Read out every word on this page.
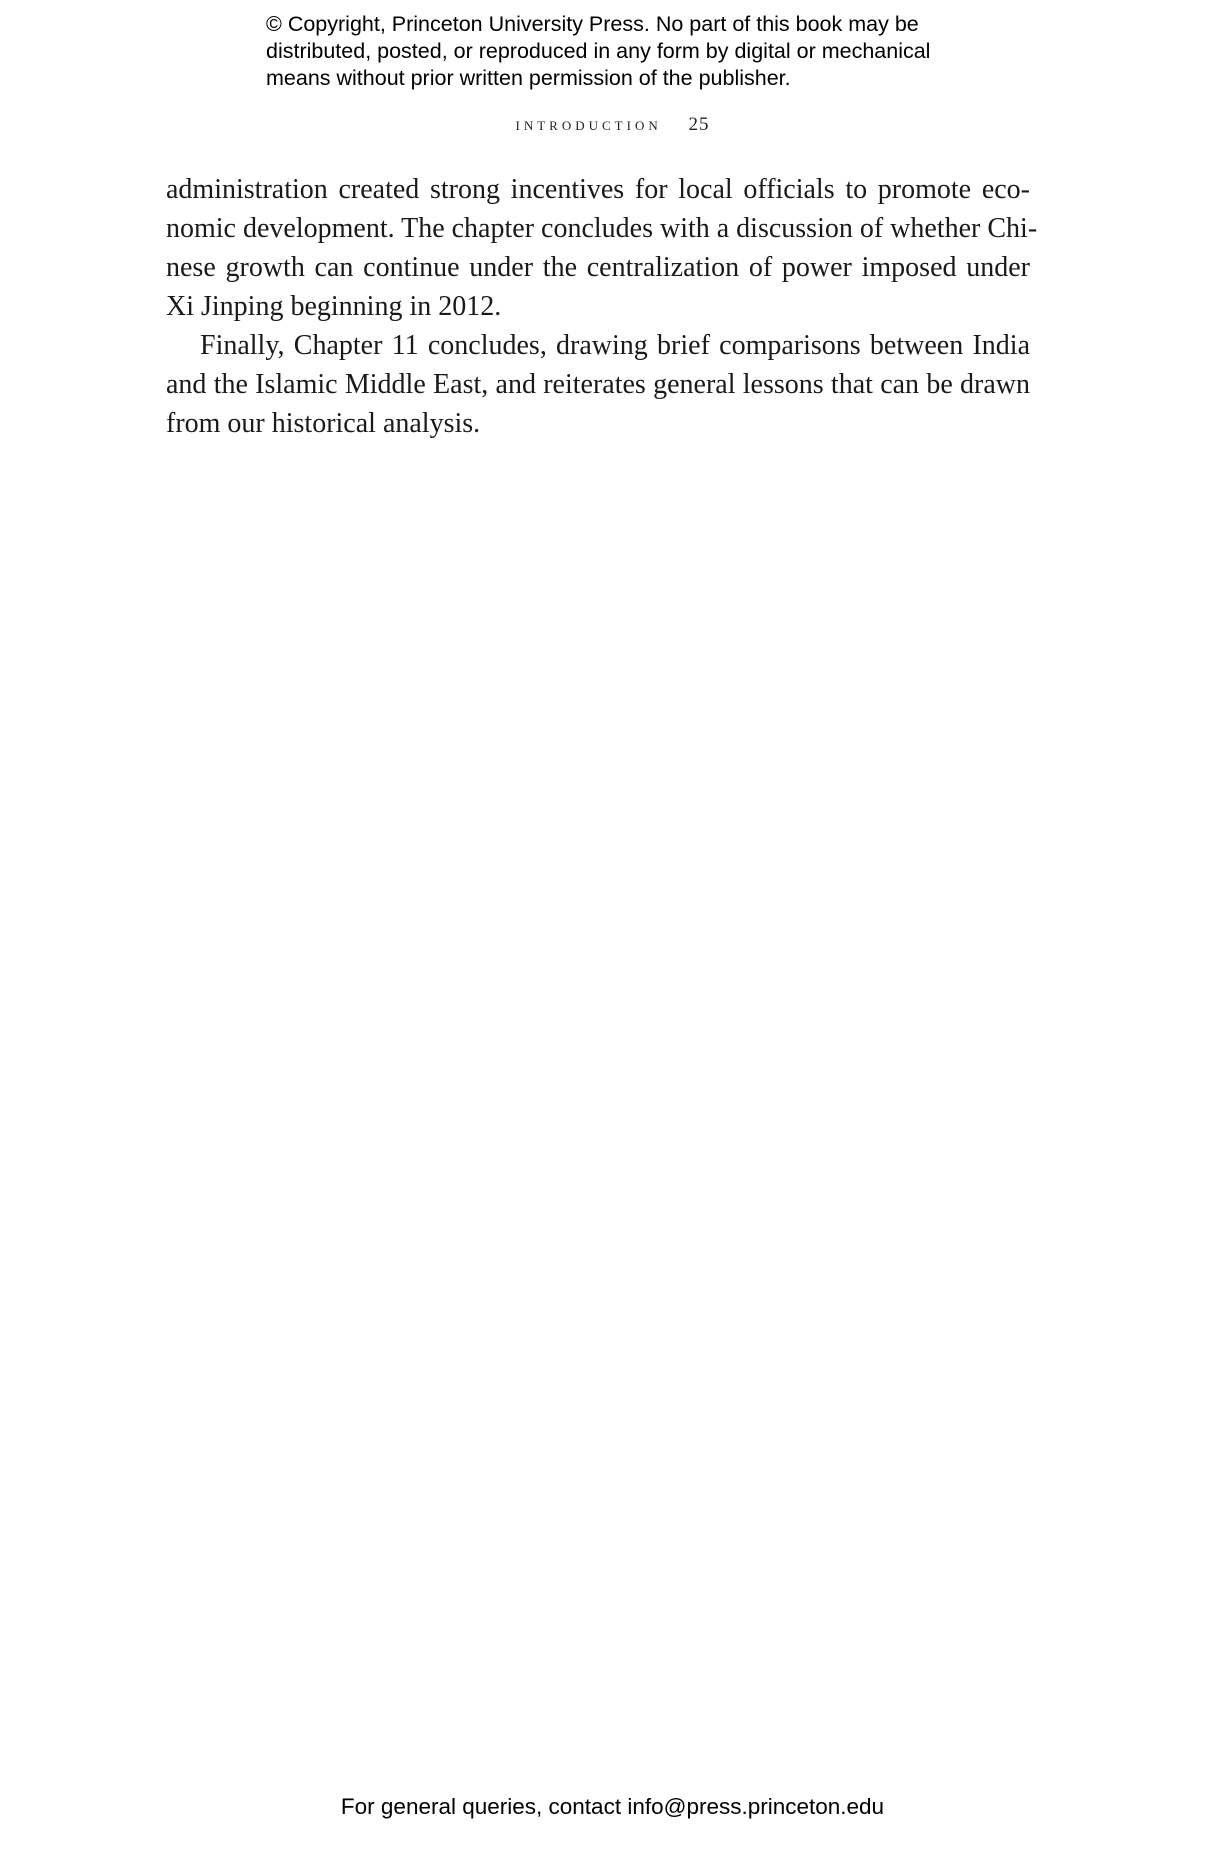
© Copyright, Princeton University Press. No part of this book may be
distributed, posted, or reproduced in any form by digital or mechanical
means without prior written permission of the publisher.
introduction 25
administration created strong incentives for local officials to promote eco-
nomic development. The chapter concludes with a discussion of whether Chi-
nese growth can continue under the centralization of power imposed under
Xi Jinping beginning in 2012.
Finally, Chapter 11 concludes, drawing brief comparisons between India
and the Islamic Middle East, and reiterates general lessons that can be drawn
from our historical analysis.
For general queries, contact info@press.princeton.edu
